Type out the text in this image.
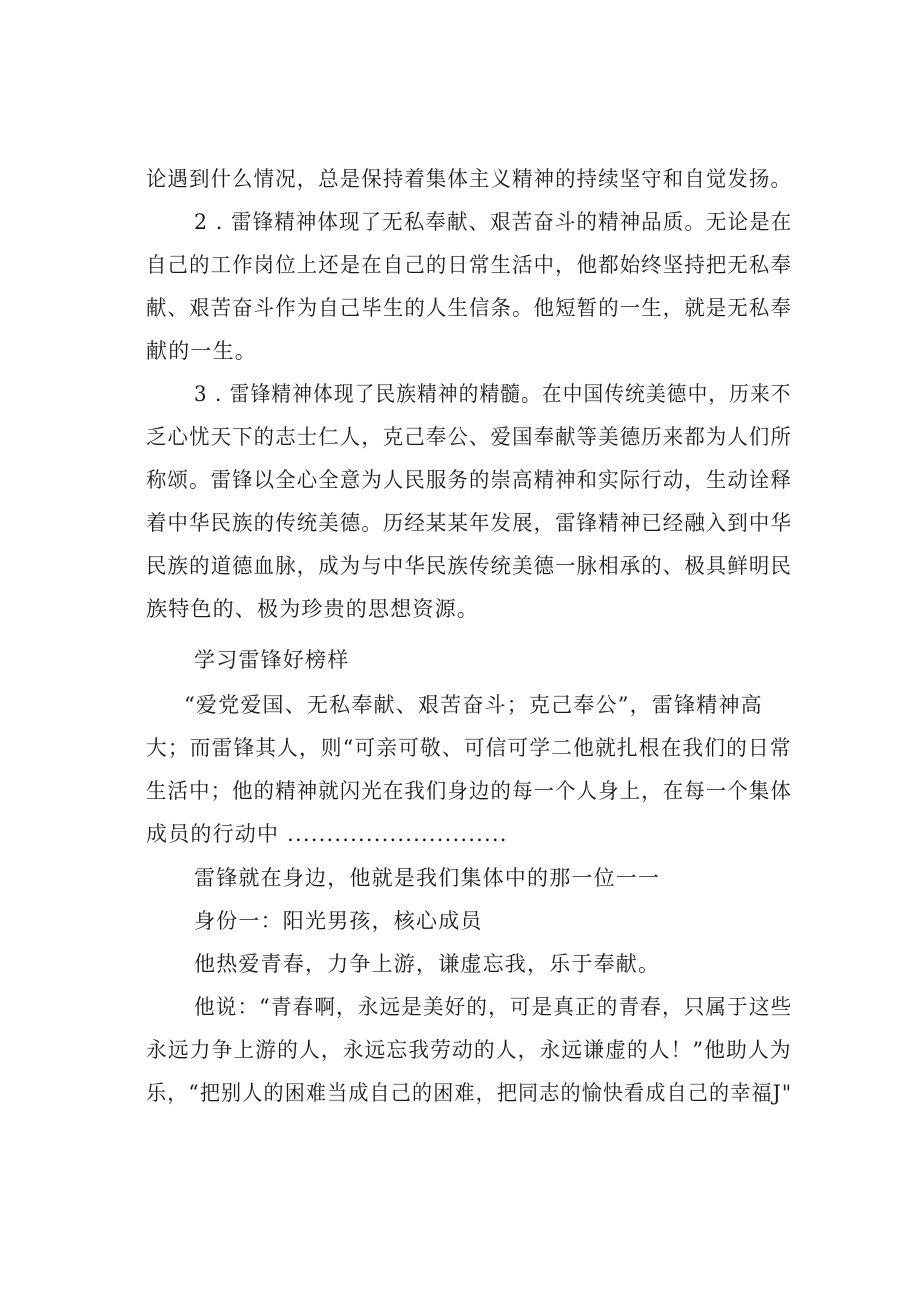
论遇到什么情况，总是保持着集体主义精神的持续坚守和自觉发扬。
2 . 雷锋精神体现了无私奉献、艰苦奋斗的精神品质。无论是在
自己的工作岗位上还是在自己的日常生活中，他都始终坚持把无私奉
献、艰苦奋斗作为自己毕生的人生信条。他短暂的一生，就是无私奉
献的一生。
3 . 雷锋精神体现了民族精神的精髓。在中国传统美德中，历来不
乏心忧天下的志士仁人，克己奉公、爱国奉献等美德历来都为人们所
称颂。雷锋以全心全意为人民服务的崇高精神和实际行动，生动诠释
着中华民族的传统美德。历经某某年发展，雷锋精神已经融入到中华
民族的道德血脉，成为与中华民族传统美德一脉相承的、极具鲜明民
族特色的、极为珍贵的思想资源。
学习雷锋好榜样
“爱党爱国、无私奉献、艰苦奋斗；克己奉公”，雷锋精神高
大；而雷锋其人，则“可亲可敬、可信可学二他就扎根在我们的日常
生活中；他的精神就闪光在我们身边的每一个人身上，在每一个集体
成员的行动中 ............................
雷锋就在身边，他就是我们集体中的那一位一一
身份一：阳光男孩，核心成员
他热爱青春，力争上游，谦虚忘我，乐于奉献。
他说：“青春啊，永远是美好的，可是真正的青春，只属于这些
永远力争上游的人，永远忘我劳动的人，永远谦虚的人！”他助人为
乐，“把别人的困难当成自己的困难，把同志的愉快看成自己的幸福J"
